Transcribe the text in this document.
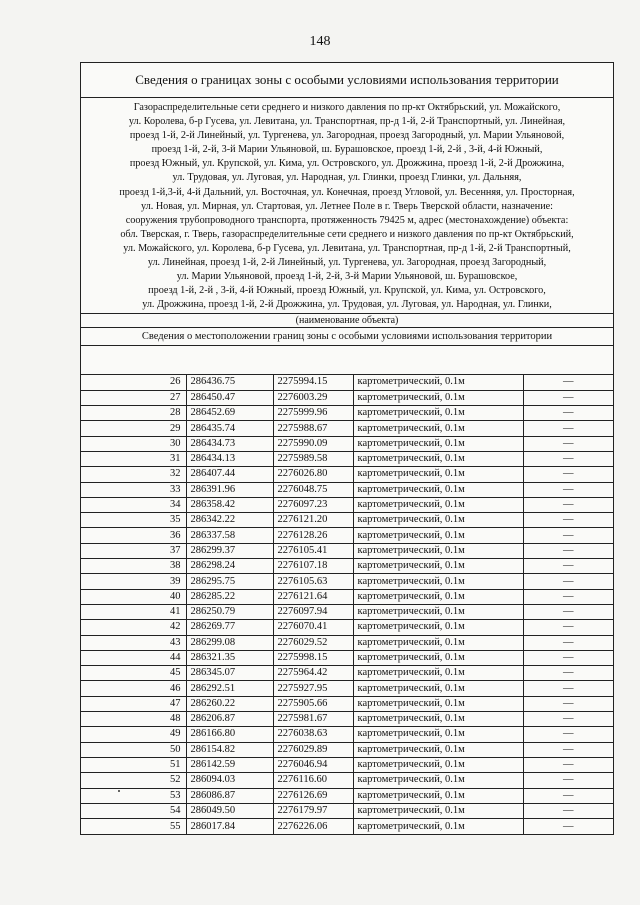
148
Сведения о границах зоны с особыми условиями использования территории
Газораспределительные сети среднего и низкого давления по пр-кт Октябрьский, ул. Можайского,
ул. Королева, б-р Гусева, ул. Левитана, ул. Транспортная, пр-д 1-й, 2-й Транспортный, ул. Линейная,
проезд 1-й, 2-й Линейный, ул. Тургенева, ул. Загородная, проезд Загородный, ул. Марии Ульяновой,
проезд 1-й, 2-й, 3-й Марии Ульяновой, ш. Бурашовское, проезд 1-й, 2-й , 3-й, 4-й Южный,
проезд Южный, ул. Крупской, ул. Кима, ул. Островского, ул. Дрожжина, проезд 1-й, 2-й Дрожжина,
ул. Трудовая, ул. Луговая, ул. Народная, ул. Глинки, проезд Глинки, ул. Дальняя,
проезд 1-й,3-й, 4-й Дальний, ул. Восточная, ул. Конечная, проезд Угловой, ул. Весенняя, ул. Просторная,
ул. Новая, ул. Мирная, ул. Стартовая, ул. Летнее Поле в г. Тверь Тверской области, назначение:
сооружения трубопроводного транспорта, протяженность 79425 м, адрес (местонахождение) объекта:
обл. Тверская, г. Тверь, газораспределительные сети среднего и низкого давления по пр-кт Октябрьский,
ул. Можайского, ул. Королева, б-р Гусева, ул. Левитана, ул. Транспортная, пр-д 1-й, 2-й Транспортный,
ул. Линейная, проезд 1-й, 2-й Линейный, ул. Тургенева, ул. Загородная, проезд Загородный,
ул. Марии Ульяновой, проезд 1-й, 2-й, 3-й Марии Ульяновой, ш. Бурашовское,
проезд 1-й, 2-й , 3-й, 4-й Южный, проезд Южный, ул. Крупской, ул. Кима, ул. Островского,
ул. Дрожжина, проезд 1-й, 2-й Дрожжина, ул. Трудовая, ул. Луговая, ул. Народная, ул. Глинки,
(наименование объекта)
Сведения о местоположении границ зоны с особыми условиями использования территории
26	286436.75	2275994.15	картометрический, 0.1м	—
27	286450.47	2276003.29	картометрический, 0.1м	—
28	286452.69	2275999.96	картометрический, 0.1м	—
29	286435.74	2275988.67	картометрический, 0.1м	—
30	286434.73	2275990.09	картометрический, 0.1м	—
31	286434.13	2275989.58	картометрический, 0.1м	—
32	286407.44	2276026.80	картометрический, 0.1м	—
33	286391.96	2276048.75	картометрический, 0.1м	—
34	286358.42	2276097.23	картометрический, 0.1м	—
35	286342.22	2276121.20	картометрический, 0.1м	—
36	286337.58	2276128.26	картометрический, 0.1м	—
37	286299.37	2276105.41	картометрический, 0.1м	—
38	286298.24	2276107.18	картометрический, 0.1м	—
39	286295.75	2276105.63	картометрический, 0.1м	—
40	286285.22	2276121.64	картометрический, 0.1м	—
41	286250.79	2276097.94	картометрический, 0.1м	—
42	286269.77	2276070.41	картометрический, 0.1м	—
43	286299.08	2276029.52	картометрический, 0.1м	—
44	286321.35	2275998.15	картометрический, 0.1м	—
45	286345.07	2275964.42	картометрический, 0.1м	—
46	286292.51	2275927.95	картометрический, 0.1м	—
47	286260.22	2275905.66	картометрический, 0.1м	—
48	286206.87	2275981.67	картометрический, 0.1м	—
49	286166.80	2276038.63	картометрический, 0.1м	—
50	286154.82	2276029.89	картометрический, 0.1м	—
51	286142.59	2276046.94	картометрический, 0.1м	—
52	286094.03	2276116.60	картометрический, 0.1м	—
53	286086.87	2276126.69	картометрический, 0.1м	—
54	286049.50	2276179.97	картометрический, 0.1м	—
55	286017.84	2276226.06	картометрический, 0.1м	—
